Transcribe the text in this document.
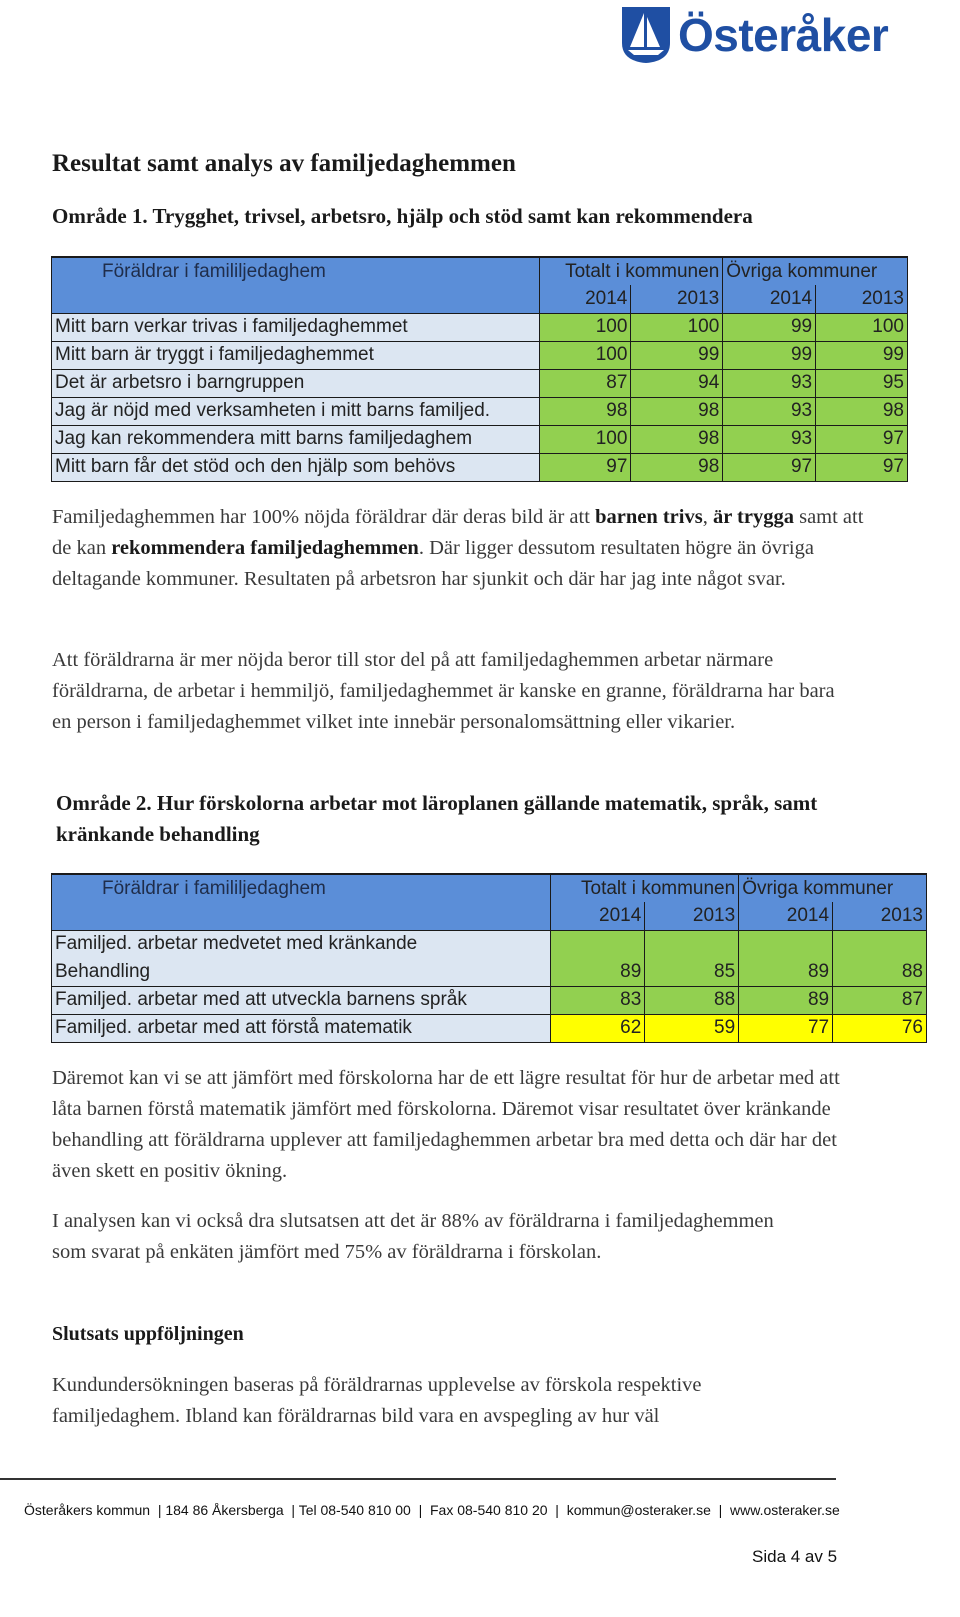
Österåker
Resultat samt analys av familjedaghemmen
Område 1. Trygghet, trivsel, arbetsro, hjälp och stöd samt kan rekommendera
Föräldrar i famililjedaghem	Totalt i kommunen		Övriga kommuner	
	2014	2013	2014	2013
Mitt barn verkar trivas i familjedaghemmet	100	100	99	100
Mitt barn är tryggt i familjedaghemmet	100	99	99	99
Det är arbetsro i barngruppen	87	94	93	95
Jag är nöjd med verksamheten i mitt barns familjed.	98	98	93	98
Jag kan rekommendera mitt barns familjedaghem	100	98	93	97
Mitt barn får det stöd och den hjälp som behövs	97	98	97	97

Familjedaghemmen har 100% nöjda föräldrar där deras bild är att barnen trivs, är trygga samt att de kan rekommendera familjedaghemmen. Där ligger dessutom resultaten högre än övriga deltagande kommuner. Resultaten på arbetsron har sjunkit och där har jag inte något svar.

Att föräldrarna är mer nöjda beror till stor del på att familjedaghemmen arbetar närmare föräldrarna, de arbetar i hemmiljö, familjedaghemmet är kanske en granne, föräldrarna har bara en person i familjedaghemmet vilket inte innebär personalomsättning eller vikarier.

Område 2. Hur förskolorna arbetar mot läroplanen gällande matematik, språk, samt kränkande behandling
Föräldrar i famililjedaghem	Totalt i kommunen		Övriga kommuner	
	2014	2013	2014	2013
Familjed. arbetar medvetet med kränkande				
Behandling	89	85	89	88
Familjed. arbetar med att utveckla barnens språk	83	88	89	87
Familjed. arbetar med att förstå matematik	62	59	77	76

Däremot kan vi se att jämfört med förskolorna har de ett lägre resultat för hur de arbetar med att låta barnen förstå matematik jämfört med förskolorna. Däremot visar resultatet över kränkande behandling att föräldrarna upplever att familjedaghemmen arbetar bra med detta och där har det även skett en positiv ökning.

I analysen kan vi också dra slutsatsen att det är 88% av föräldrarna i familjedaghemmen som svarat på enkäten jämfört med 75% av föräldrarna i förskolan.

Slutsats uppföljningen

Kundundersökningen baseras på föräldrarnas upplevelse av förskola respektive familjedaghem. Ibland kan föräldrarnas bild vara en avspegling av hur väl

Österåkers kommun  | 184 86 Åkersberga  | Tel 08-540 810 00  |  Fax 08-540 810 20  |  kommun@osteraker.se  |  www.osteraker.se
Sida 4 av 5
